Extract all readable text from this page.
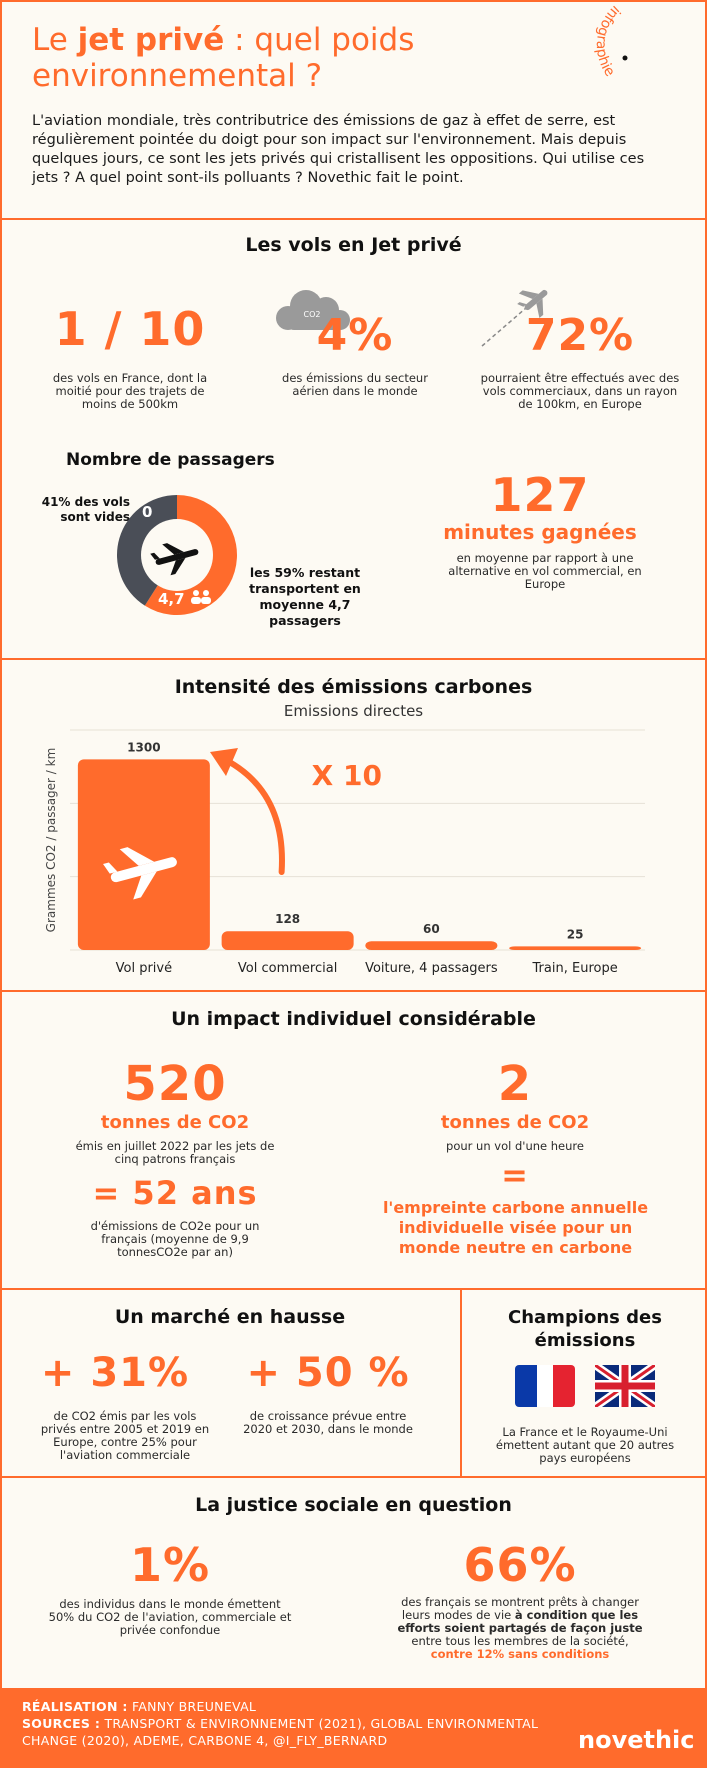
Le jet privé : quel poids
environnemental ?
infographie
L'aviation mondiale, très contributrice des émissions de gaz à effet de serre, est régulièrement pointée du doigt pour son impact sur l'environnement. Mais depuis quelques jours, ce sont les jets privés qui cristallisent les oppositions. Qui utilise ces jets ? A quel point sont-ils polluants ? Novethic fait le point.
Les vols en Jet privé
1 / 10
des vols en France, dont la moitié pour des trajets de moins de 500km
CO2
4%
des émissions du secteur aérien dans le monde
72%
pourraient être effectués avec des vols commerciaux, dans un rayon de 100km, en Europe
Nombre de passagers
41% des vols sont vides 0
4,7
les 59% restant transportent en moyenne 4,7 passagers
127
minutes gagnées
en moyenne par rapport à une alternative en vol commercial, en Europe
Intensité des émissions carbones
Emissions directes
Grammes CO2 / passager / km
1300
Vol privé
128
Vol commercial
60
Voiture, 4 passagers
25
Train, Europe
X 10
Un impact individuel considérable
520
tonnes de CO2
émis en juillet 2022 par les jets de cinq patrons français
= 52 ans
d'émissions de CO2e pour un français (moyenne de 9,9 tonnesCO2e par an)
2
tonnes de CO2
pour un vol d'une heure
=
l'empreinte carbone annuelle individuelle visée pour un monde neutre en carbone
Un marché en hausse
+ 31%
de CO2 émis par les vols privés entre 2005 et 2019 en Europe, contre 25% pour l'aviation commerciale
+ 50 %
de croissance prévue entre 2020 et 2030, dans le monde
Champions des émissions
La France et le Royaume-Uni émettent autant que 20 autres pays européens
La justice sociale en question
1%
des individus dans le monde émettent 50% du CO2 de l'aviation, commerciale et privée confondue
66%
des français se montrent prêts à changer leurs modes de vie à condition que les efforts soient partagés de façon juste entre tous les membres de la société,
contre 12% sans conditions
RÉALISATION : FANNY BREUNEVAL
SOURCES : TRANSPORT & ENVIRONNEMENT (2021), GLOBAL ENVIRONMENTAL CHANGE (2020), ADEME, CARBONE 4, @I_FLY_BERNARD	novethic
